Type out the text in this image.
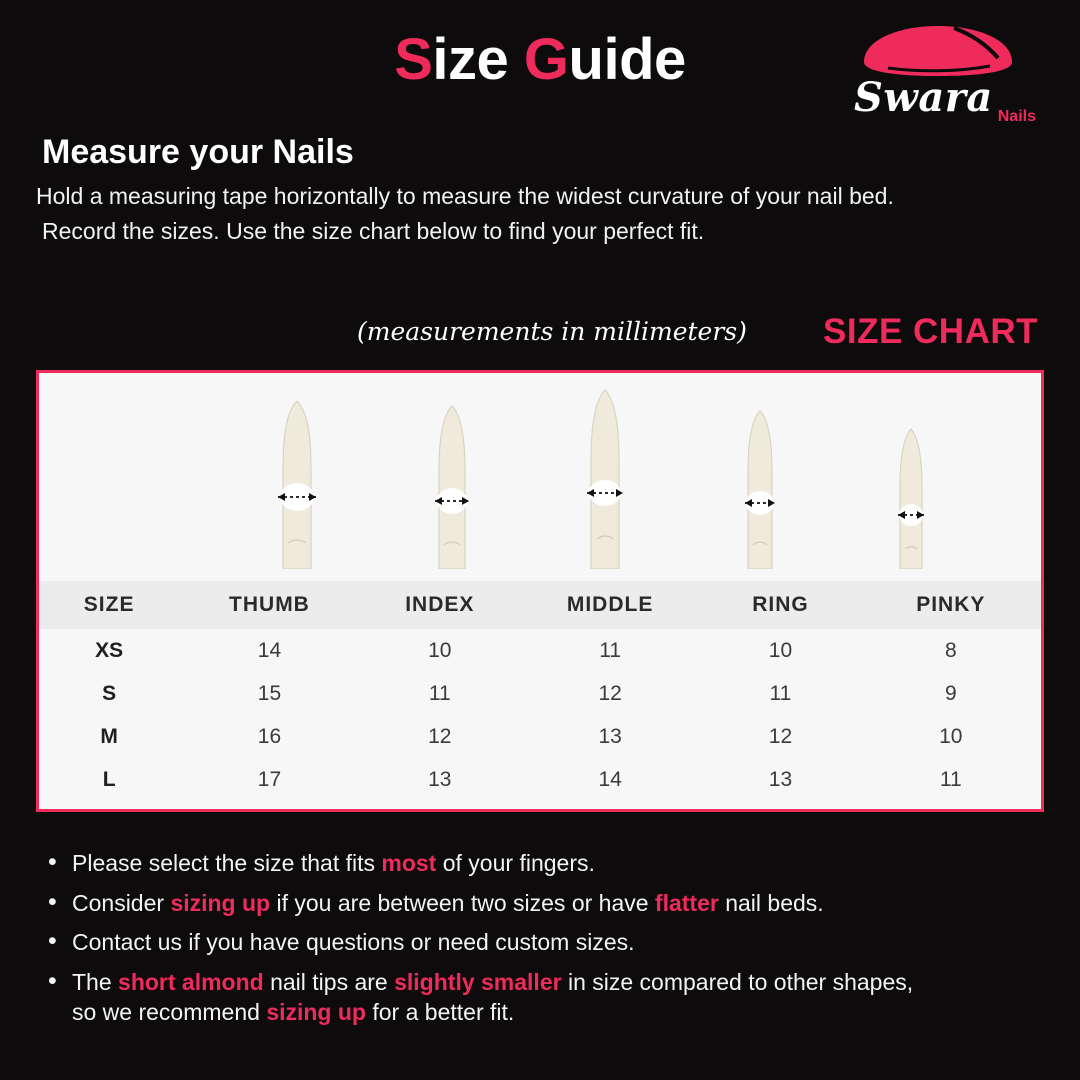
Size Guide
Swara Nails
Measure your Nails
Hold a measuring tape horizontally to measure the widest curvature of your nail bed.
Record the sizes. Use the size chart below to find your perfect fit.
(measurements in millimeters) SIZE CHART
SIZE	THUMB	INDEX	MIDDLE	RING	PINKY
XS	14	10	11	10	8
S	15	11	12	11	9
M	16	12	13	12	10
L	17	13	14	13	11
• Please select the size that fits most of your fingers.
• Consider sizing up if you are between two sizes or have flatter nail beds.
• Contact us if you have questions or need custom sizes.
• The short almond nail tips are slightly smaller in size compared to other shapes,
so we recommend sizing up for a better fit.
